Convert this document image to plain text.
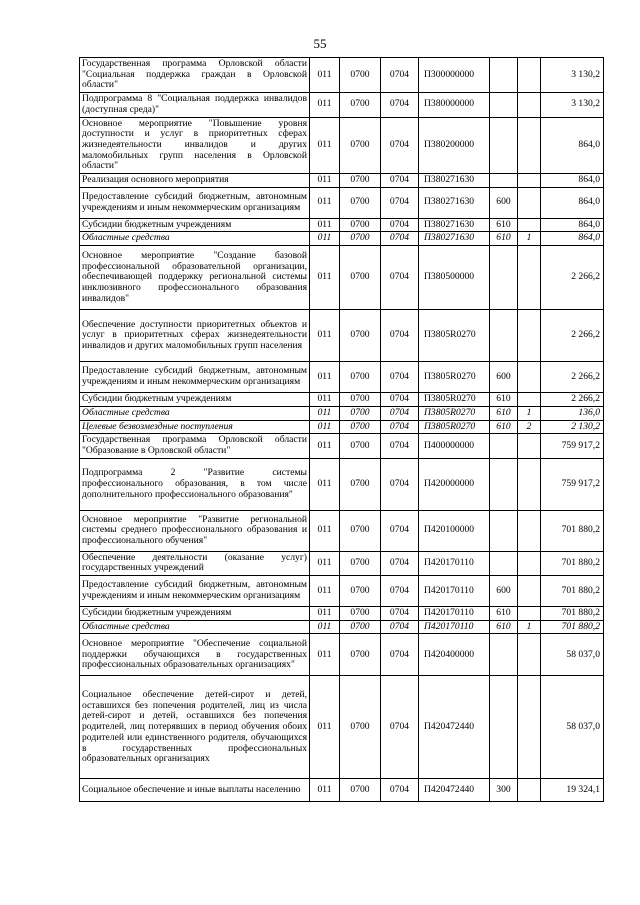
55
Государственная программа Орловской области "Социальная поддержка граждан в Орловской области"	011	0700	0704	П300000000			3 130,2
Подпрограмма 8 "Социальная поддержка инвалидов (доступная среда)"	011	0700	0704	П380000000			3 130,2
Основное мероприятие "Повышение уровня доступности и услуг в приоритетных сферах жизнедеятельности инвалидов и других маломобильных групп населения в Орловской области"	011	0700	0704	П380200000			864,0
Реализация основного мероприятия	011	0700	0704	П380271630			864,0
Предоставление субсидий бюджетным, автономным учреждениям и иным некоммерческим организациям	011	0700	0704	П380271630	600		864,0
Субсидии бюджетным учреждениям	011	0700	0704	П380271630	610		864,0
Областные средства	011	0700	0704	П380271630	610	1	864,0
Основное мероприятие "Создание базовой профессиональной образовательной организации, обеспечивающей поддержку региональной системы инклюзивного профессионального образования инвалидов"	011	0700	0704	П380500000			2 266,2
Обеспечение доступности приоритетных объектов и услуг в приоритетных сферах жизнедеятельности инвалидов и других маломобильных групп населения	011	0700	0704	П3805R0270			2 266,2
Предоставление субсидий бюджетным, автономным учреждениям и иным некоммерческим организациям	011	0700	0704	П3805R0270	600		2 266,2
Субсидии бюджетным учреждениям	011	0700	0704	П3805R0270	610		2 266,2
Областные средства	011	0700	0704	П3805R0270	610	1	136,0
Целевые безвозмездные поступления	011	0700	0704	П3805R0270	610	2	2 130,2
Государственная программа Орловской области "Образование в Орловской области"	011	0700	0704	П400000000			759 917,2
Подпрограмма 2 "Развитие системы профессионального образования, в том числе дополнительного профессионального образования"	011	0700	0704	П420000000			759 917,2
Основное мероприятие "Развитие региональной системы среднего профессионального образования и профессионального обучения"	011	0700	0704	П420100000			701 880,2
Обеспечение деятельности (оказание услуг) государственных учреждений	011	0700	0704	П420170110			701 880,2
Предоставление субсидий бюджетным, автономным учреждениям и иным некоммерческим организациям	011	0700	0704	П420170110	600		701 880,2
Субсидии бюджетным учреждениям	011	0700	0704	П420170110	610		701 880,2
Областные средства	011	0700	0704	П420170110	610	1	701 880,2
Основное мероприятие "Обеспечение социальной поддержки обучающихся в государственных профессиональных образовательных организациях"	011	0700	0704	П420400000			58 037,0
Социальное обеспечение детей-сирот и детей, оставшихся без попечения родителей, лиц из числа детей-сирот и детей, оставшихся без попечения родителей, лиц потерявших в период обучения обоих родителей или единственного родителя, обучающихся в государственных профессиональных образовательных организациях	011	0700	0704	П420472440			58 037,0
Социальное обеспечение и иные выплаты населению	011	0700	0704	П420472440	300		19 324,1
